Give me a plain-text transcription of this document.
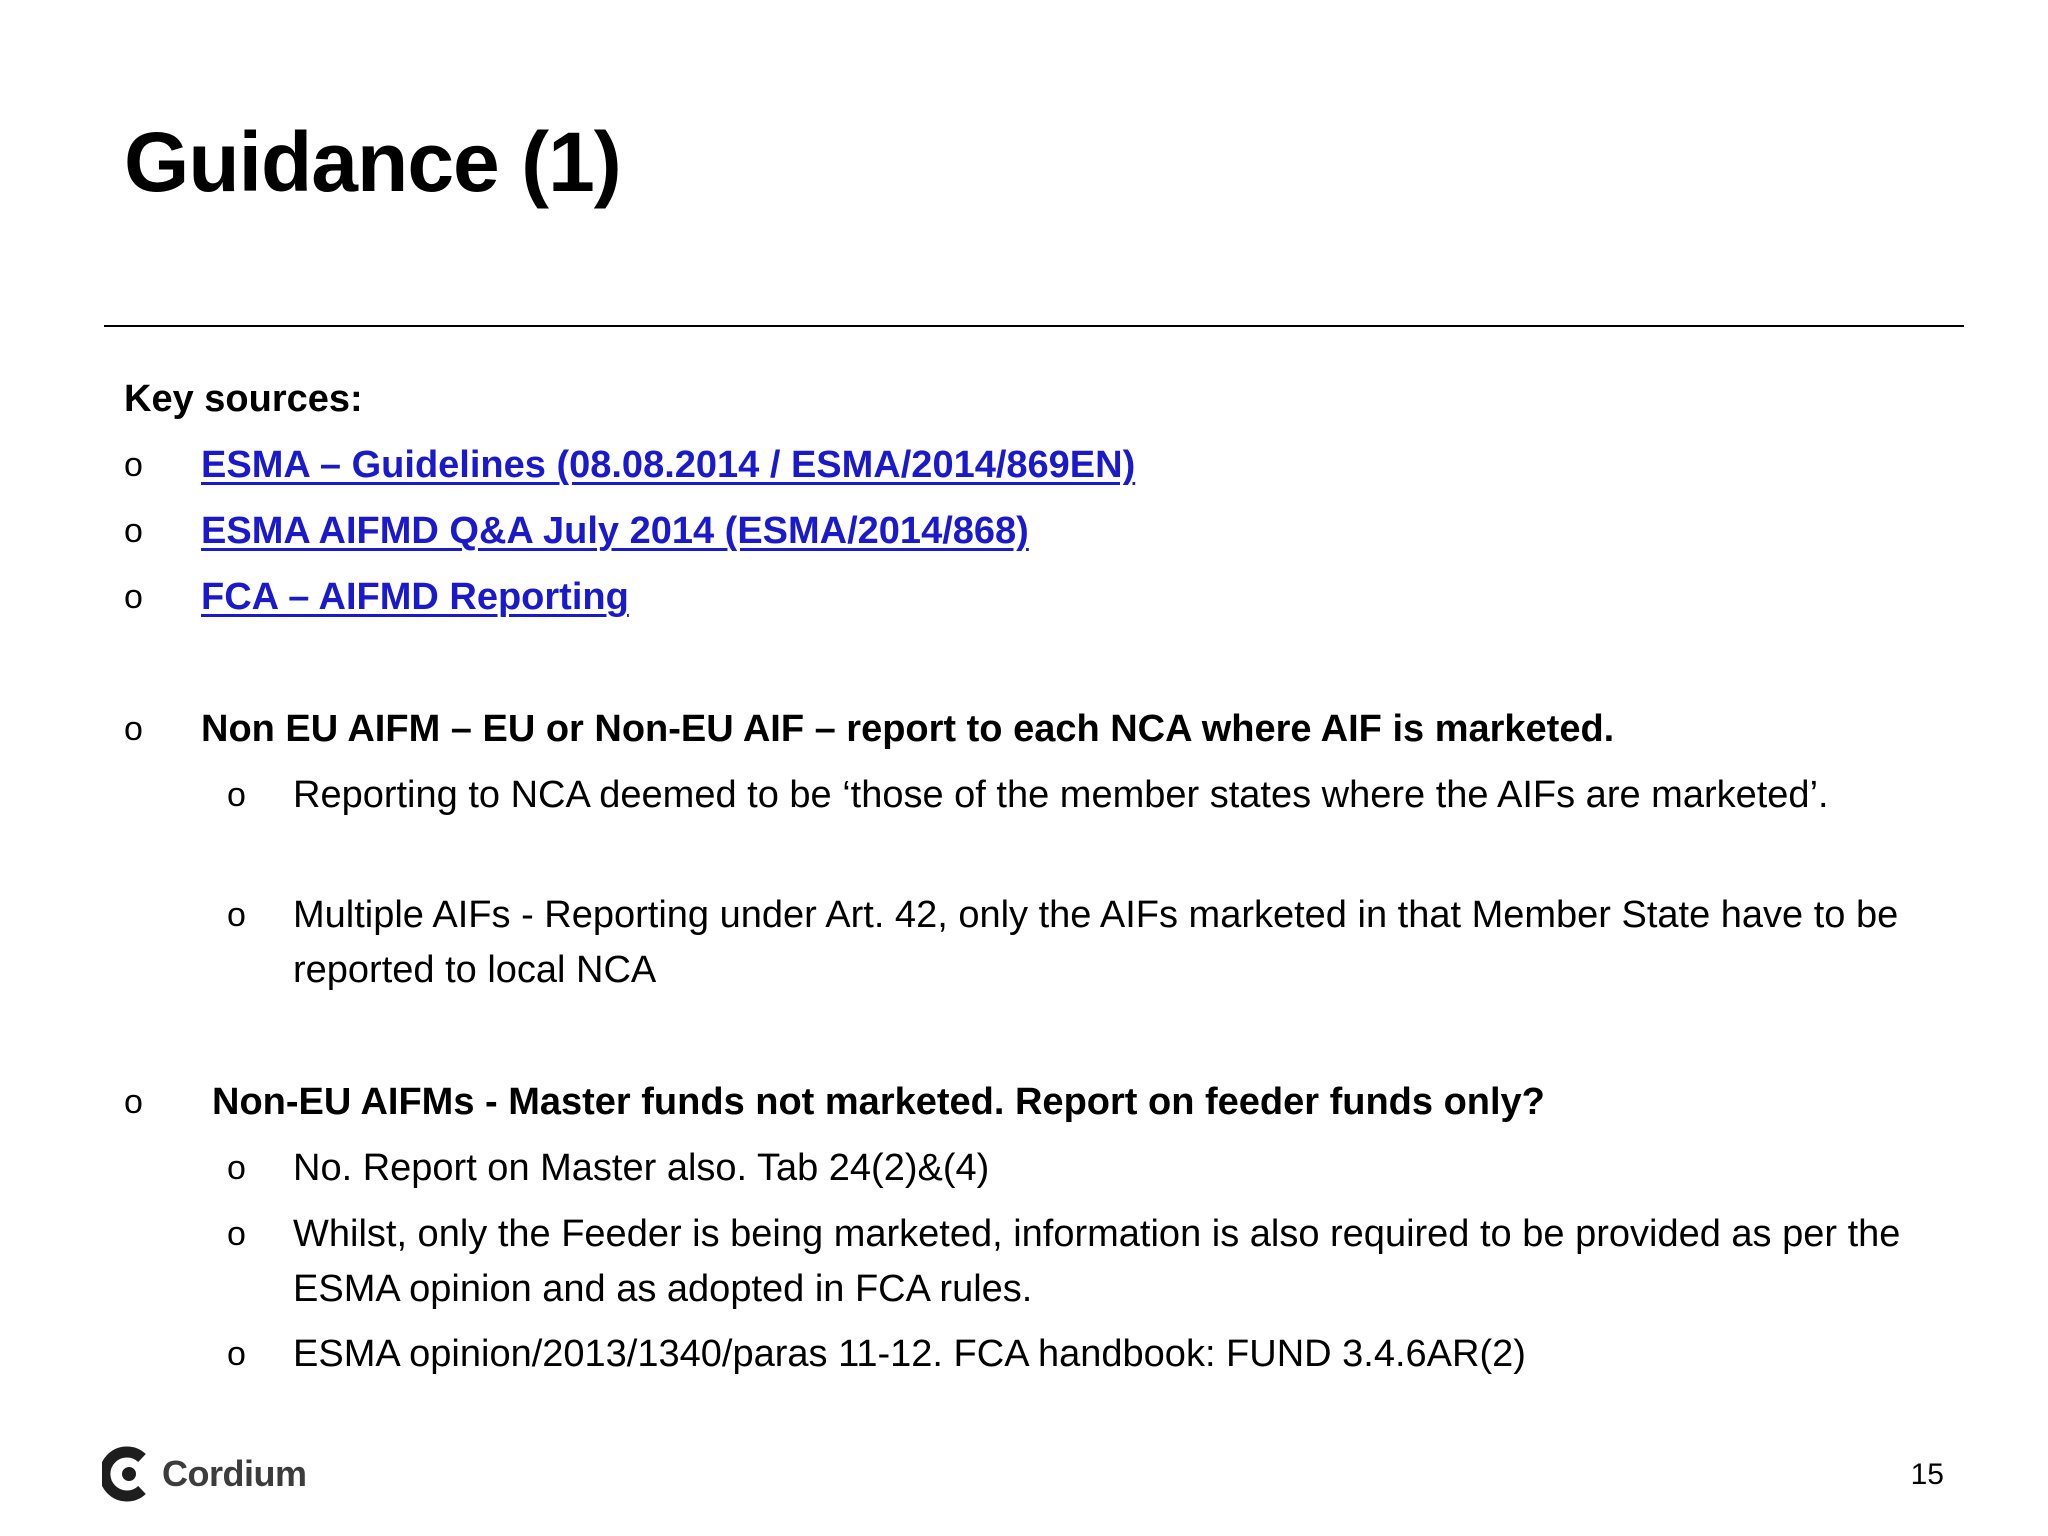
Guidance (1)
Key sources:
o ESMA – Guidelines (08.08.2014 / ESMA/2014/869EN)
o ESMA AIFMD Q&A July 2014 (ESMA/2014/868)
o FCA – AIFMD Reporting
o Non EU AIFM – EU or Non-EU AIF – report to each NCA where AIF is marketed.
o Reporting to NCA deemed to be ‘those of the member states where the AIFs are marketed’.
o Multiple AIFs - Reporting under Art. 42, only the AIFs marketed in that Member State have to be reported to local NCA
o Non-EU AIFMs - Master funds not marketed. Report on feeder funds only?
o No. Report on Master also. Tab 24(2)&(4)
o Whilst, only the Feeder is being marketed, information is also required to be provided as per the ESMA opinion and as adopted in FCA rules.
o ESMA opinion/2013/1340/paras 11-12. FCA handbook: FUND 3.4.6AR(2)
Cordium	15
